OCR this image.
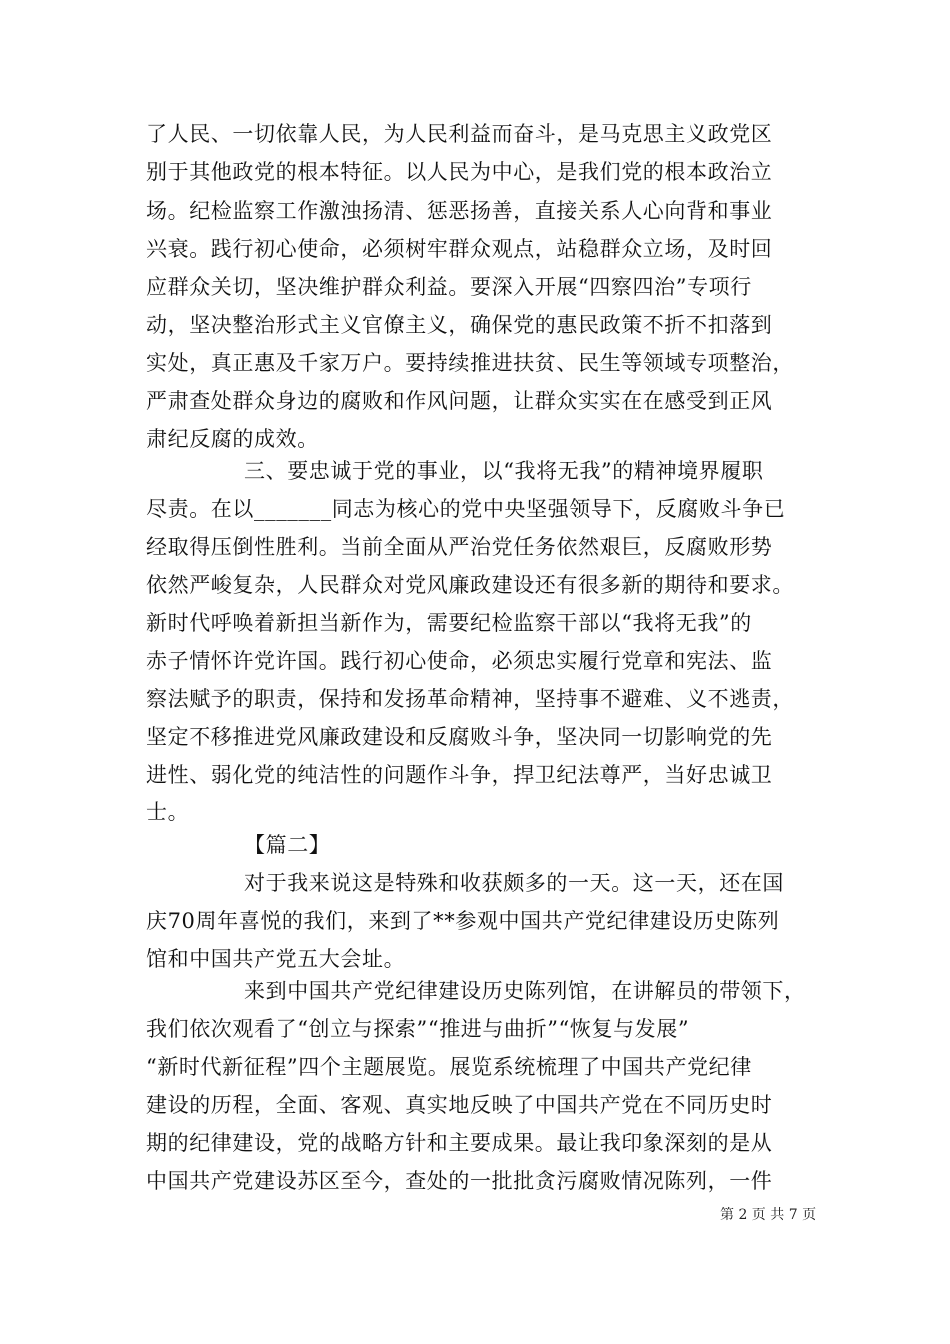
了人民、一切依靠人民，为人民利益而奋斗，是马克思主义政党区
别于其他政党的根本特征。以人民为中心，是我们党的根本政治立
场。纪检监察工作激浊扬清、惩恶扬善，直接关系人心向背和事业
兴衰。践行初心使命，必须树牢群众观点，站稳群众立场，及时回
应群众关切，坚决维护群众利益。要深入开展“四察四治”专项行
动，坚决整治形式主义官僚主义，确保党的惠民政策不折不扣落到
实处，真正惠及千家万户。要持续推进扶贫、民生等领域专项整治，
严肃查处群众身边的腐败和作风问题，让群众实实在在感受到正风
肃纪反腐的成效。
三、要忠诚于党的事业，以“我将无我”的精神境界履职
尽责。在以_______同志为核心的党中央坚强领导下，反腐败斗争已
经取得压倒性胜利。当前全面从严治党任务依然艰巨，反腐败形势
依然严峻复杂，人民群众对党风廉政建设还有很多新的期待和要求。
新时代呼唤着新担当新作为，需要纪检监察干部以“我将无我”的
赤子情怀许党许国。践行初心使命，必须忠实履行党章和宪法、监
察法赋予的职责，保持和发扬革命精神，坚持事不避难、义不逃责，
坚定不移推进党风廉政建设和反腐败斗争，坚决同一切影响党的先
进性、弱化党的纯洁性的问题作斗争，捍卫纪法尊严，当好忠诚卫
士。
【篇二】
对于我来说这是特殊和收获颇多的一天。这一天，还在国
庆70周年喜悦的我们，来到了**参观中国共产党纪律建设历史陈列
馆和中国共产党五大会址。
来到中国共产党纪律建设历史陈列馆，在讲解员的带领下，
我们依次观看了“创立与探索”“推进与曲折”“恢复与发展”
“新时代新征程”四个主题展览。展览系统梳理了中国共产党纪律
建设的历程，全面、客观、真实地反映了中国共产党在不同历史时
期的纪律建设，党的战略方针和主要成果。最让我印象深刻的是从
中国共产党建设苏区至今，查处的一批批贪污腐败情况陈列，一件
第 2 页 共 7 页
